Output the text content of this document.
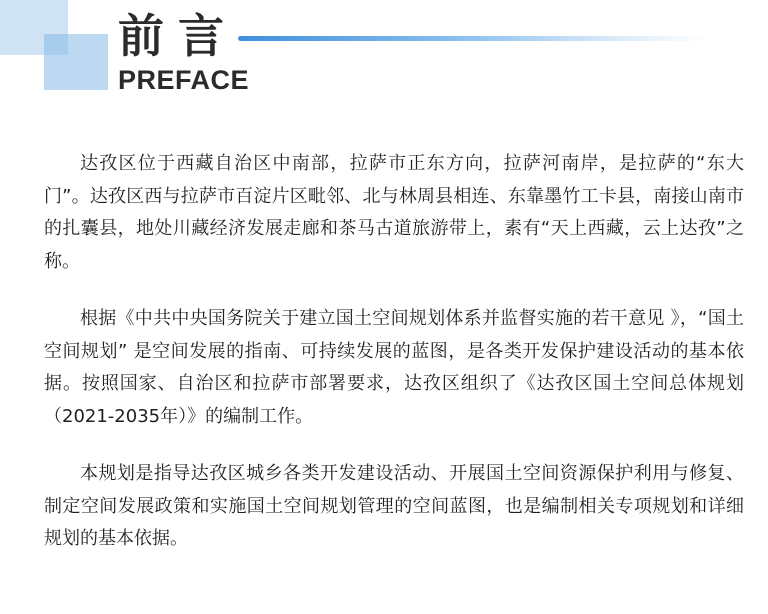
前言
PREFACE

达孜区位于西藏自治区中南部，拉萨市正东方向，拉萨河南岸，是拉萨的“东大门”。达孜区西与拉萨市百淀片区毗邻、北与林周县相连、东靠墨竹工卡县，南接山南市的扎囊县，地处川藏经济发展走廊和茶马古道旅游带上，素有“天上西藏，云上达孜”之称。

根据《中共中央国务院关于建立国土空间规划体系并监督实施的若干意见 》，“国土空间规划” 是空间发展的指南、可持续发展的蓝图，是各类开发保护建设活动的基本依据。按照国家、自治区和拉萨市部署要求，达孜区组织了《达孜区国土空间总体规划（2021-2035年）》的编制工作。

本规划是指导达孜区城乡各类开发建设活动、开展国土空间资源保护利用与修复、制定空间发展政策和实施国土空间规划管理的空间蓝图，也是编制相关专项规划和详细规划的基本依据。
